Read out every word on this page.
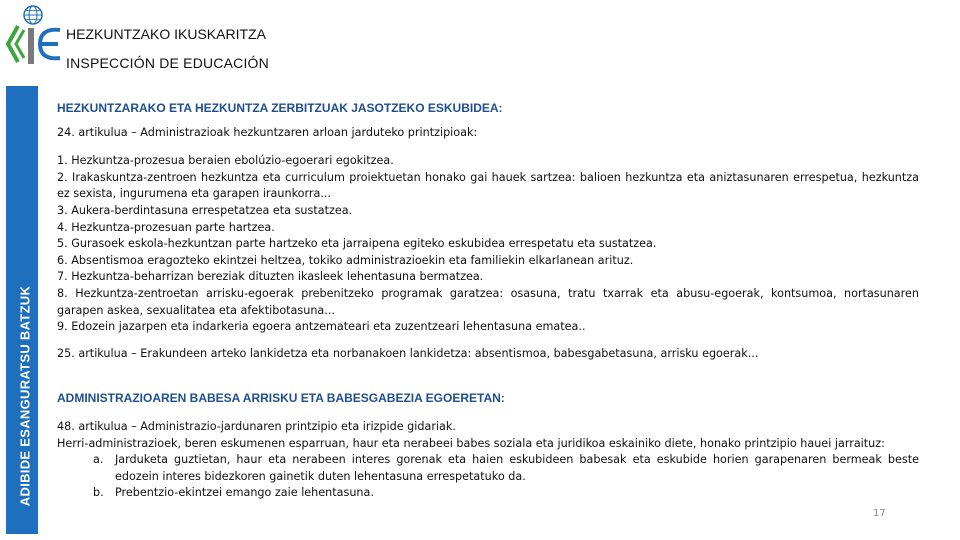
HEZKUNTZAKO IKUSKARITZA
INSPECCIÓN DE EDUCACIÓN
ADIBIDE ESANGURATSU BATZUK

HEZKUNTZARAKO ETA HEZKUNTZA ZERBITZUAK JASOTZEKO ESKUBIDEA:

24. artikulua – Administrazioak hezkuntzaren arloan jarduteko printzipioak:
1. Hezkuntza-prozesua beraien ebolúzio-egoerari egokitzea.
2. Irakaskuntza-zentroen hezkuntza eta curriculum proiektuetan honako gai hauek sartzea: balioen hezkuntza eta aniztasunaren errespetua, hezkuntza ez sexista, ingurumena eta garapen iraunkorra...
3. Aukera-berdintasuna errespetatzea eta sustatzea.
4. Hezkuntza-prozesuan parte hartzea.
5. Gurasoek eskola-hezkuntzan parte hartzeko eta jarraipena egiteko eskubidea errespetatu eta sustatzea.
6. Absentismoa eragozteko ekintzei heltzea, tokiko administrazioekin eta familiekin elkarlanean arituz.
7. Hezkuntza-beharrizan bereziak dituzten ikasleek lehentasuna bermatzea.
8. Hezkuntza-zentroetan arrisku-egoerak prebenitzeko programak garatzea: osasuna, tratu txarrak eta abusu-egoerak, kontsumoa, nortasunaren garapen askea, sexualitatea eta afektibotasuna...
9. Edozein jazarpen eta indarkeria egoera antzemateari eta zuzentzeari lehentasuna ematea..
25. artikulua – Erakundeen arteko lankidetza eta norbanakoen lankidetza: absentismoa, babesgabetasuna, arrisku egoerak...

ADMINISTRAZIOAREN BABESA ARRISKU ETA BABESGABEZIA EGOERETAN:

48. artikulua – Administrazio-jardunaren printzipio eta irizpide gidariak.
Herri-administrazioek, beren eskumenen esparruan, haur eta nerabeei babes soziala eta juridikoa eskainiko diete, honako printzipio hauei jarraituz:
a.	Jarduketa guztietan, haur eta nerabeen interes gorenak eta haien eskubideen babesak eta eskubide horien garapenaren bermeak beste edozein interes bidezkoren gainetik duten lehentasuna errespetatuko da.
b.	Prebentzio-ekintzei emango zaie lehentasuna.
17
